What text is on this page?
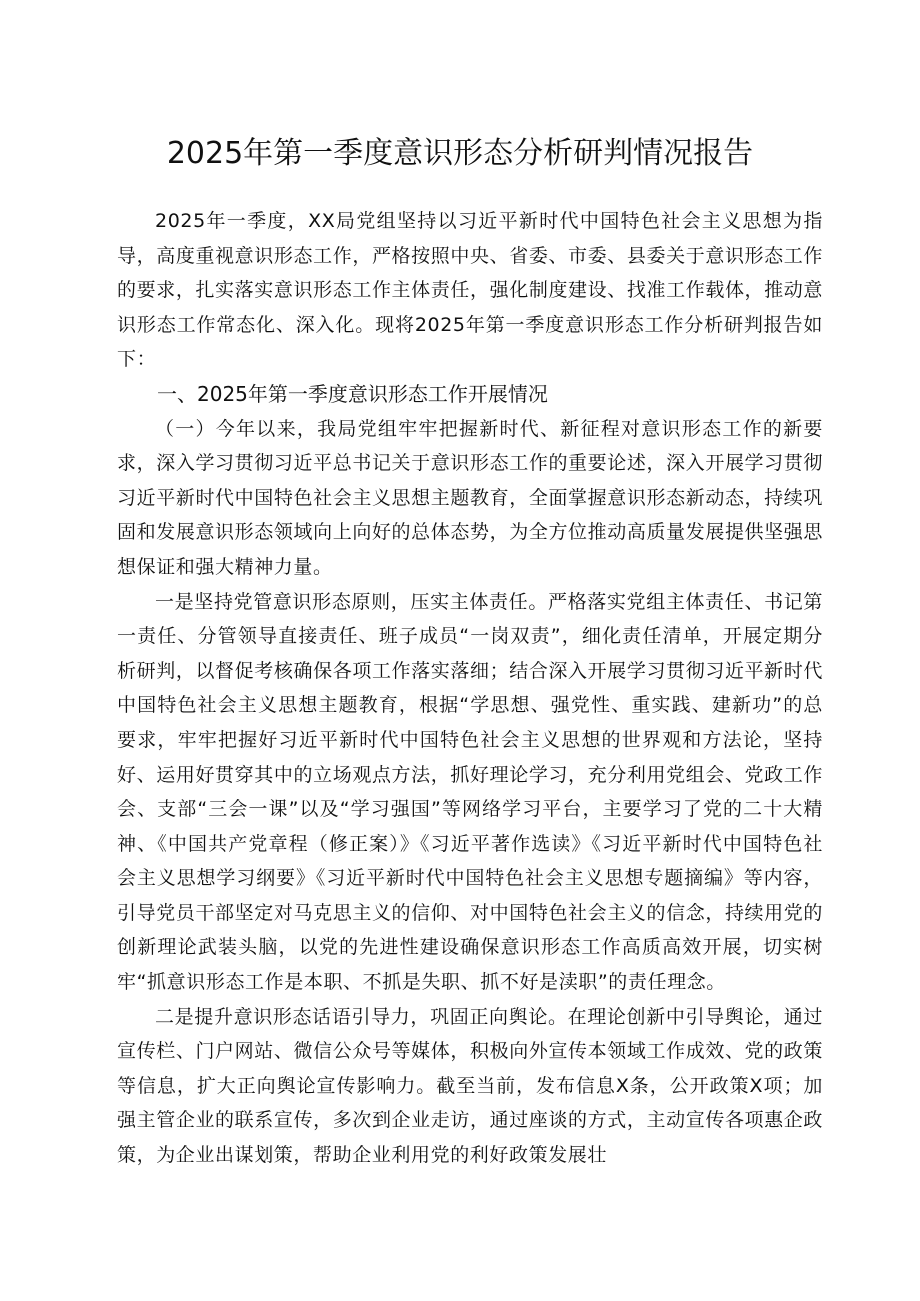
2025年第一季度意识形态分析研判情况报告

2025年一季度，XX局党组坚持以习近平新时代中国特色社会主义思想为指导，高度重视意识形态工作，严格按照中央、省委、市委、县委关于意识形态工作的要求，扎实落实意识形态工作主体责任，强化制度建设、找准工作载体，推动意识形态工作常态化、深入化。现将2025年第一季度意识形态工作分析研判报告如下：

一、2025年第一季度意识形态工作开展情况

（一）今年以来，我局党组牢牢把握新时代、新征程对意识形态工作的新要求，深入学习贯彻习近平总书记关于意识形态工作的重要论述，深入开展学习贯彻习近平新时代中国特色社会主义思想主题教育，全面掌握意识形态新动态，持续巩固和发展意识形态领域向上向好的总体态势，为全方位推动高质量发展提供坚强思想保证和强大精神力量。

一是坚持党管意识形态原则，压实主体责任。严格落实党组主体责任、书记第一责任、分管领导直接责任、班子成员“一岗双责”，细化责任清单，开展定期分析研判，以督促考核确保各项工作落实落细；结合深入开展学习贯彻习近平新时代中国特色社会主义思想主题教育，根据“学思想、强党性、重实践、建新功”的总要求，牢牢把握好习近平新时代中国特色社会主义思想的世界观和方法论，坚持好、运用好贯穿其中的立场观点方法，抓好理论学习，充分利用党组会、党政工作会、支部“三会一课”以及“学习强国”等网络学习平台，主要学习了党的二十大精神、《中国共产党章程（修正案）》《习近平著作选读》《习近平新时代中国特色社会主义思想学习纲要》《习近平新时代中国特色社会主义思想专题摘编》等内容，引导党员干部坚定对马克思主义的信仰、对中国特色社会主义的信念，持续用党的创新理论武装头脑，以党的先进性建设确保意识形态工作高质高效开展，切实树牢“抓意识形态工作是本职、不抓是失职、抓不好是渎职”的责任理念。

二是提升意识形态话语引导力，巩固正向舆论。在理论创新中引导舆论，通过宣传栏、门户网站、微信公众号等媒体，积极向外宣传本领域工作成效、党的政策等信息，扩大正向舆论宣传影响力。截至当前，发布信息X条，公开政策X项；加强主管企业的联系宣传，多次到企业走访，通过座谈的方式，主动宣传各项惠企政策，为企业出谋划策，帮助企业利用党的利好政策发展壮
